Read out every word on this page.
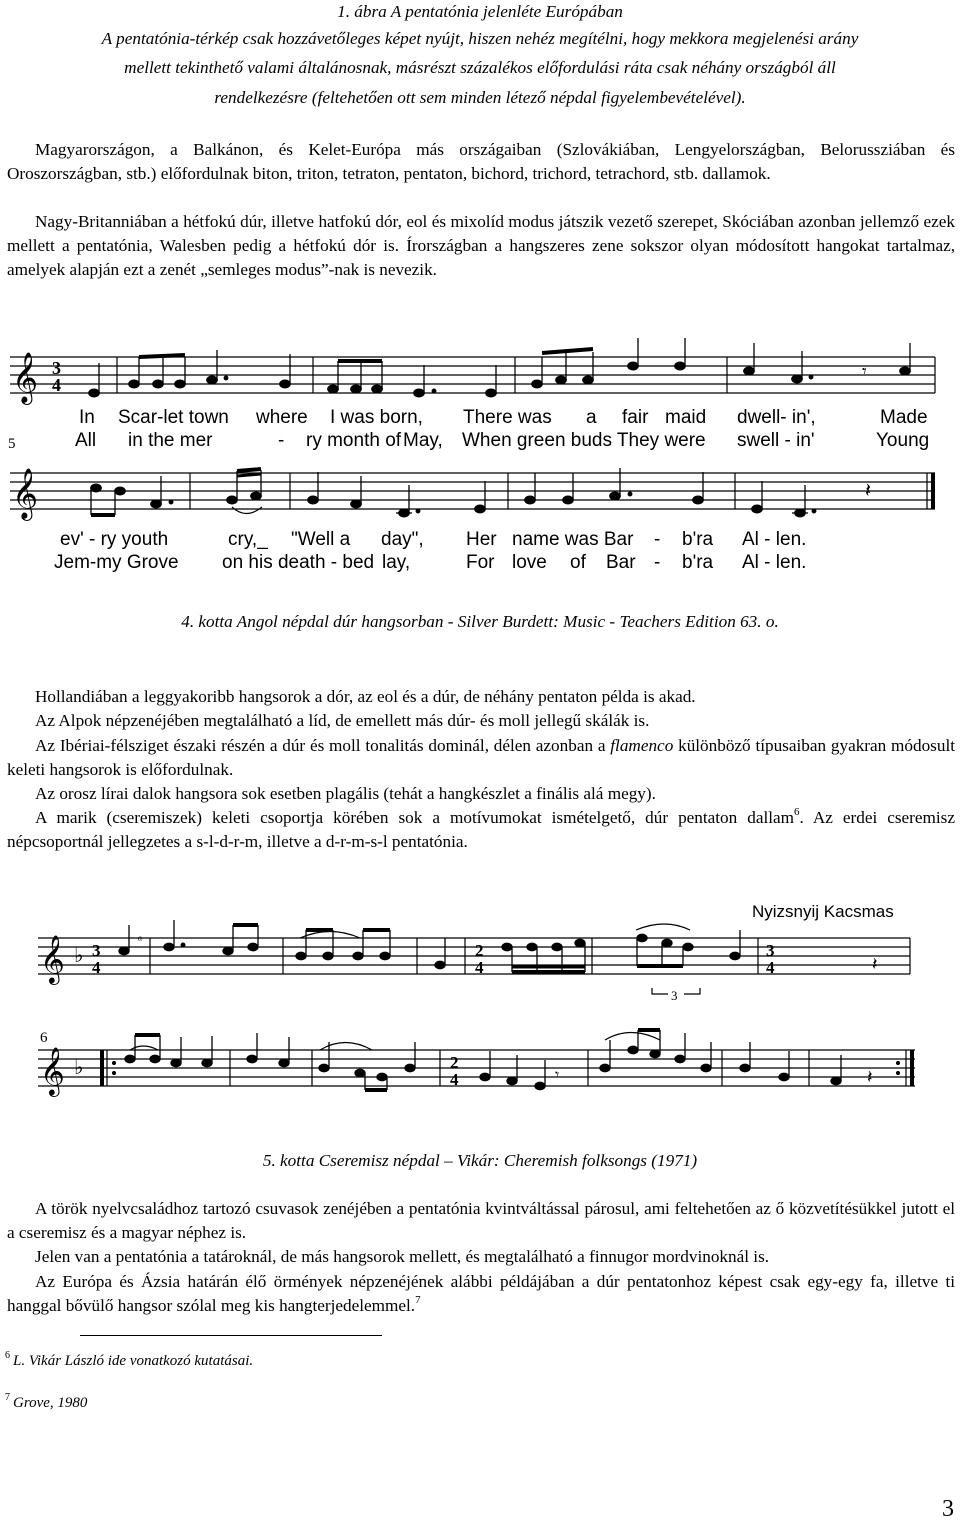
1. ábra A pentatónia jelenléte Európában
A pentatónia-térkép csak hozzávetőleges képet nyújt, hiszen nehéz megítélni, hogy mekkora megjelenési arány
mellett tekinthető valami általánosnak, másrészt százalékos előfordulási ráta csak néhány országból áll
rendelkezésre (feltehetően ott sem minden létező népdal figyelembevételével).
Magyarországon, a Balkánon, és Kelet-Európa más országaiban (Szlovákiában, Lengyelországban, Belorussziában és Oroszországban, stb.) előfordulnak biton, triton, tetraton, pentaton, bichord, trichord, tetrachord, stb. dallamok.
Nagy-Britanniában a hétfokú dúr, illetve hatfokú dór, eol és mixolíd modus játszik vezető szerepet, Skóciában azonban jellemző ezek mellett a pentatónia, Walesben pedig a hétfokú dór is. Írországban a hangszeres zene sokszor olyan módosított hangokat tartalmaz, amelyek alapján ezt a zenét „semleges modus”-nak is nevezik.
𝄞 3
4
𝄾
𝄞	𝄽
5
In Scar-let town where I was born, There was a fair maid dwell- in',	Made
All in the mer	- ry month of May, When green buds They were swell - in'	Young
ev' - ry youth	cry,_ "Well a day", Her name was Bar - b'ra Al - len.
Jem-my Grove on his death - bed lay,	For love of Bar - b'ra Al - len.
4. kotta Angol népdal dúr hangsorban - Silver Burdett: Music - Teachers Edition 63. o.
Hollandiában a leggyakoribb hangsorok a dór, az eol és a dúr, de néhány pentaton példa is akad.
Az Alpok népzenéjében megtalálható a líd, de emellett más dúr- és moll jellegű skálák is.
Az Ibériai-félsziget északi részén a dúr és moll tonalitás dominál, délen azonban a flamenco különböző típusaiban gyakran módosult keleti hangsorok is előfordulnak.
Az orosz lírai dalok hangsora sok esetben plagális (tehát a hangkészlet a finális alá megy).
A marik (cseremiszek) keleti csoportja körében sok a motívumokat ismételgető, dúr pentaton dallam$^6$. Az erdei cseremisz népcsoportnál jellegzetes a s-l-d-r-m, illetve a d-r-m-s-l pentatónia.
Nyizsnyij Kacsmas
𝄞 ♭ 3
4
2
4
3
4
ᵅ
𝄽
3
𝄞 ♭	2
4	𝄾	𝄽
6
5. kotta Cseremisz népdal – Vikár: Cheremish folksongs (1971)
A török nyelvcsaládhoz tartozó csuvasok zenéjében a pentatónia kvintváltással párosul, ami feltehetően az ő közvetítésükkel jutott el a cseremisz és a magyar néphez is.
Jelen van a pentatónia a tatároknál, de más hangsorok mellett, és megtalálható a finnugor mordvinoknál is.
Az Európa és Ázsia határán élő örmények népzenéjének alábbi példájában a dúr pentatonhoz képest csak egy-egy fa, illetve ti hanggal bővülő hangsor szólal meg kis hangterjedelemmel.$^7$
$^6$ L. Vikár László ide vonatkozó kutatásai.
$^7$ Grove, 1980
3
